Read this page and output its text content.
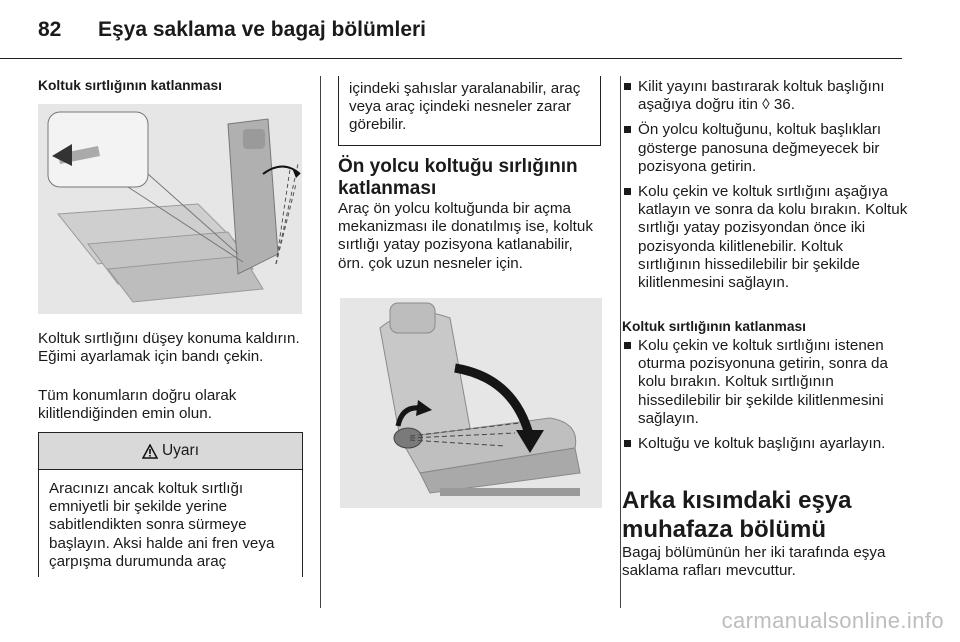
82 Eşya saklama ve bagaj bölümleri
Koltuk sırtlığının katlanması
Koltuk sırtlığını düşey konuma kaldırın. Eğimi ayarlamak için bandı çekin.
Tüm konumların doğru olarak kilitlendiğinden emin olun.
Uyarı
Aracınızı ancak koltuk sırtlığı emniyetli bir şekilde yerine sabitlendikten sonra sürmeye başlayın. Aksi halde ani fren veya çarpışma durumunda araç
içindeki şahıslar yaralanabilir, araç veya araç içindeki nesneler zarar görebilir.
Ön yolcu koltuğu sırlığının katlanması
Araç ön yolcu koltuğunda bir açma mekanizması ile donatılmış ise, koltuk sırtlığı yatay pozisyona katlanabilir, örn. çok uzun nesneler için.
Kilit yayını bastırarak koltuk başlığını aşağıya doğru itin ◊ 36.
Ön yolcu koltuğunu, koltuk başlıkları gösterge panosuna değmeyecek bir pozisyona getirin.
Kolu çekin ve koltuk sırtlığını aşağıya katlayın ve sonra da kolu bırakın. Koltuk sırtlığı yatay pozisyondan önce iki pozisyonda kilitlenebilir. Koltuk sırtlığının hissedilebilir bir şekilde kilitlenmesini sağlayın.
Koltuk sırtlığının katlanması
Kolu çekin ve koltuk sırtlığını istenen oturma pozisyonuna getirin, sonra da kolu bırakın. Koltuk sırtlığının hissedilebilir bir şekilde kilitlenmesini sağlayın.
Koltuğu ve koltuk başlığını ayarlayın.
Arka kısımdaki eşya muhafaza bölümü
Bagaj bölümünün her iki tarafında eşya saklama rafları mevcuttur.
carmanualsonline.info
